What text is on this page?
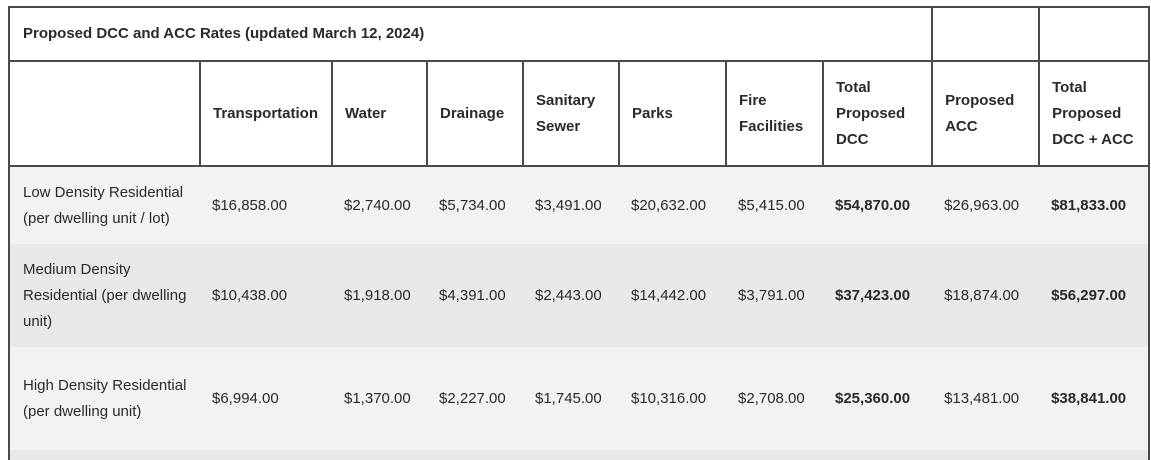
Proposed DCC and ACC Rates (updated March 12, 2024)									
	Transportation	Water	Drainage	Sanitary Sewer	Parks	Fire Facilities	Total Proposed DCC	Proposed ACC	Total Proposed DCC + ACC
Low Density Residential (per dwelling unit / lot)	$16,858.00	$2,740.00	$5,734.00	$3,491.00	$20,632.00	$5,415.00	$54,870.00	$26,963.00	$81,833.00
Medium Density Residential (per dwelling unit)	$10,438.00	$1,918.00	$4,391.00	$2,443.00	$14,442.00	$3,791.00	$37,423.00	$18,874.00	$56,297.00
High Density Residential (per dwelling unit)	$6,994.00	$1,370.00	$2,227.00	$1,745.00	$10,316.00	$2,708.00	$25,360.00	$13,481.00	$38,841.00
